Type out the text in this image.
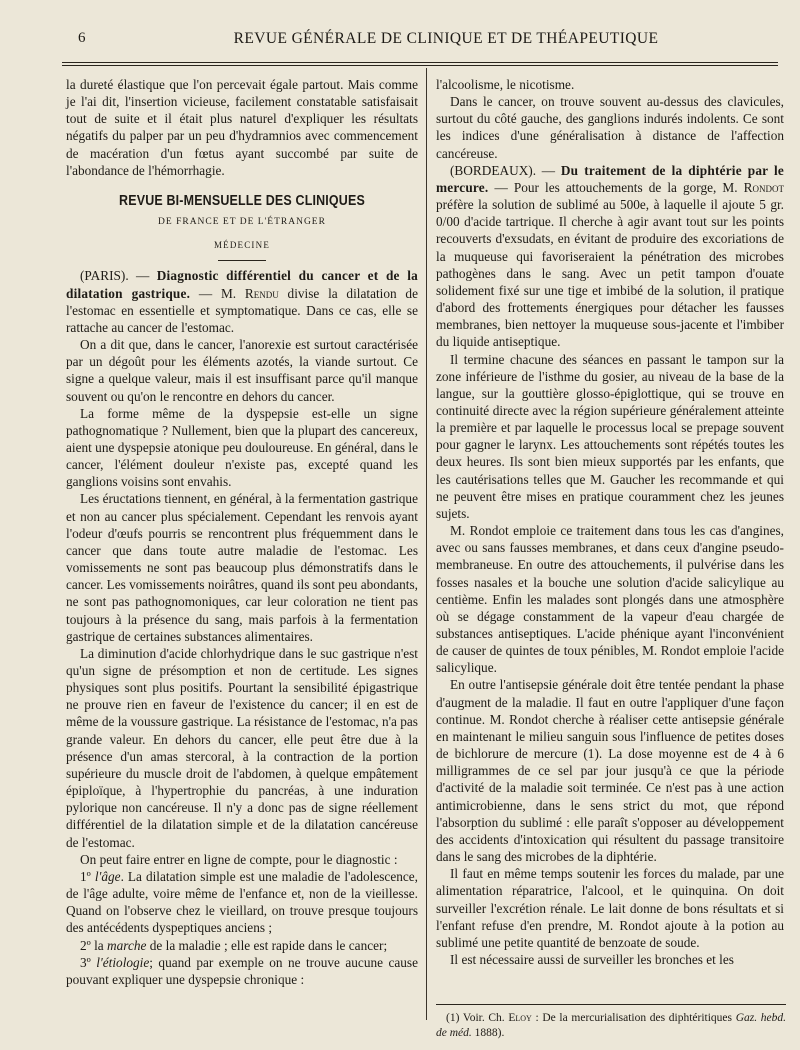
6	REVUE GÉNÉRALE DE CLINIQUE ET DE THÉAPEUTIQUE

la dureté élastique que l'on percevait égale partout. Mais comme je l'ai dit, l'insertion vicieuse, facilement constatable satisfaisait tout de suite et il était plus naturel d'expliquer les résultats négatifs du palper par un peu d'hydramnios avec commencement de macération d'un fœtus ayant succombé par suite de l'abondance de l'hémorrhagie.

REVUE BI-MENSUELLE DES CLINIQUES
DE FRANCE ET DE L'ÉTRANGER
MÉDECINE

(PARIS). — Diagnostic différentiel du cancer et de la dilatation gastrique. — M. Rendu divise la dilatation de l'estomac en essentielle et symptomatique. Dans ce cas, elle se rattache au cancer de l'estomac.

On a dit que, dans le cancer, l'anorexie est surtout caractérisée par un dégoût pour les éléments azotés, la viande surtout. Ce signe a quelque valeur, mais il est insuffisant parce qu'il manque souvent ou qu'on le rencontre en dehors du cancer.

La forme même de la dyspepsie est-elle un signe pathognomatique ? Nullement, bien que la plupart des cancereux, aient une dyspepsie atonique peu douloureuse. En général, dans le cancer, l'élément douleur n'existe pas, excepté quand les ganglions voisins sont envahis.

Les éructations tiennent, en général, à la fermentation gastrique et non au cancer plus spécialement. Cependant les renvois ayant l'odeur d'œufs pourris se rencontrent plus fréquemment dans le cancer que dans toute autre maladie de l'estomac. Les vomissements ne sont pas beaucoup plus démonstratifs dans le cancer. Les vomissements noirâtres, quand ils sont peu abondants, ne sont pas pathognomoniques, car leur coloration ne tient pas toujours à la présence du sang, mais parfois à la fermentation gastrique de certaines substances alimentaires.

La diminution d'acide chlorhydrique dans le suc gastrique n'est qu'un signe de présomption et non de certitude. Les signes physiques sont plus positifs. Pourtant la sensibilité épigastrique ne prouve rien en faveur de l'existence du cancer; il en est de même de la voussure gastrique. La résistance de l'estomac, n'a pas grande valeur. En dehors du cancer, elle peut être due à la présence d'un amas stercoral, à la contraction de la portion supérieure du muscle droit de l'abdomen, à quelque empâtement épiploïque, à l'hypertrophie du pancréas, à une induration pylorique non cancéreuse. Il n'y a donc pas de signe réellement différentiel de la dilatation simple et de la dilatation cancéreuse de l'estomac.

On peut faire entrer en ligne de compte, pour le diagnostic :

1º l'âge. La dilatation simple est une maladie de l'adolescence, de l'âge adulte, voire même de l'enfance et, non de la vieillesse. Quand on l'observe chez le vieillard, on trouve presque toujours des antécédents dyspeptiques anciens ;

2º la marche de la maladie ; elle est rapide dans le cancer;

3º l'étiologie; quand par exemple on ne trouve aucune cause pouvant expliquer une dyspepsie chronique :

l'alcoolisme, le nicotisme.

Dans le cancer, on trouve souvent au-dessus des clavicules, surtout du côté gauche, des ganglions indurés indolents. Ce sont les indices d'une généralisation à distance de l'affection cancéreuse.

(BORDEAUX). — Du traitement de la diphtérie par le mercure. — Pour les attouchements de la gorge, M. Rondot préfère la solution de sublimé au 500e, à laquelle il ajoute 5 gr. 0/00 d'acide tartrique. Il cherche à agir avant tout sur les points recouverts d'exsudats, en évitant de produire des excoriations de la muqueuse qui favoriseraient la pénétration des microbes pathogènes dans le sang. Avec un petit tampon d'ouate solidement fixé sur une tige et imbibé de la solution, il pratique d'abord des frottements énergiques pour détacher les fausses membranes, bien nettoyer la muqueuse sous-jacente et l'imbiber du liquide antiseptique.

Il termine chacune des séances en passant le tampon sur la zone inférieure de l'isthme du gosier, au niveau de la base de la langue, sur la gouttière glosso-épiglottique, qui se trouve en continuité directe avec la région supérieure généralement atteinte la première et par laquelle le processus local se prepage souvent pour gagner le larynx. Les attouchements sont répétés toutes les deux heures. Ils sont bien mieux supportés par les enfants, que les cautérisations telles que M. Gaucher les recommande et qui ne peuvent être mises en pratique couramment chez les jeunes sujets.

M. Rondot emploie ce traitement dans tous les cas d'angines, avec ou sans fausses membranes, et dans ceux d'angine pseudo-membraneuse. En outre des attouchements, il pulvérise dans les fosses nasales et la bouche une solution d'acide salicylique au centième. Enfin les malades sont plongés dans une atmosphère où se dégage constamment de la vapeur d'eau chargée de substances antiseptiques. L'acide phénique ayant l'inconvénient de causer de quintes de toux pénibles, M. Rondot emploie l'acide salicylique.

En outre l'antisepsie générale doit être tentée pendant la phase d'augment de la maladie. Il faut en outre l'appliquer d'une façon continue. M. Rondot cherche à réaliser cette antisepsie générale en maintenant le milieu sanguin sous l'influence de petites doses de bichlorure de mercure (1). La dose moyenne est de 4 à 6 milligrammes de ce sel par jour jusqu'à ce que la période d'activité de la maladie soit terminée. Ce n'est pas à une action antimicrobienne, dans le sens strict du mot, que répond l'absorption du sublimé : elle paraît s'opposer au développement des accidents d'intoxication qui résultent du passage transitoire dans le sang des microbes de la diphtérie.

Il faut en même temps soutenir les forces du malade, par une alimentation réparatrice, l'alcool, et le quinquina. On doit surveiller l'excrétion rénale. Le lait donne de bons résultats et si l'enfant refuse d'en prendre, M. Rondot ajoute à la potion au sublimé une petite quantité de benzoate de soude.

Il est nécessaire aussi de surveiller les bronches et les

(1) Voir. Ch. Eloy : De la mercurialisation des diphtéritiques Gaz. hebd. de méd. 1888).
